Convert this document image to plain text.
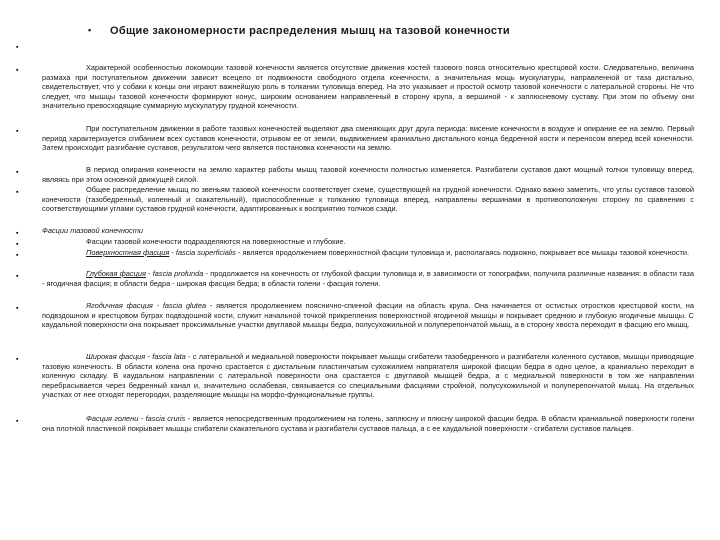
• Общие закономерности распределения мышц на тазовой конечности
▪
▪	Характерной особенностью локомоции тазовой конечности является отсутствие движения костей тазового пояса относительно крестцовой кости. Следовательно, величина размаха при поступательном движении зависит всецело от подвижности свободного отдела конечности, а значительная мощь мускулатуры, направленной от таза дистально, свидетельствует, что у собаки к концы они играют важнейшую роль в толкании туловища вперед. На это указывает и простой осмотр тазовой конечности с латеральной стороны. Не что следует, что мышцы тазовой конечности формируют конус, широким основанием направленный в сторону крупа, а вершиной - к заплюсневому суставу. При этом по объему они значительно превосходящие суммарную мускулатуру грудной конечности.

▪	При поступательном движении в работе тазовых конечностей выделяют два сменяющих друг друга периода: висение конечности в воздухе и опирание ее на землю. Первый период характеризуется сгибанием всех суставов конечности, отрывом ее от земли, выдвижением краниально дистального конца бедренной кости и переносом вперед всей конечности. Затем происходит разгибание суставов, результатом чего является постановка конечности на землю.

▪	В период опирания конечности на землю характер работы мышц тазовой конечности полностью изменяется. Разгибатели суставов дают мощный толчок туловищу вперед, являясь при этом основной движущей силой.

▪	Общее распределение мышц по звеньям тазовой конечности соответствует схеме, существующей на грудной конечности. Однако важно заметить, что углы суставов тазовой конечности (тазобедренный, коленный и скакательный), приспособленные к толканию туловища вперед, направлены вершинами в противоположную сторону по сравнению с соответствующими углами суставов грудной конечности, адаптированных к восприятию толчков сзади.

▪	Фасции тазовой конечности

▪	Фасции тазовой конечности подразделяются на поверхностные и глубокие.

▪	Поверхностная фасция - fascia superficialis - является продолжением поверхностной фасции туловища и, располагаясь подкожно, покрывает все мышцы тазовой конечности.

▪	Глубокая фасция - fascia profunda - продолжается на конечность от глубокой фасции туловища и, в зависимости от топографии, получила различные названия: в области таза - ягодичная фасция; в области бедра - широкая фасция бедра; в области голени - фасция голени.

▪	Ягодичная фасция - fascia glutea - является продолжением пояснично-спинной фасции на область крупа. Она начинается от остистых отростков крестцовой кости, на подвздошном и крестцовом буграх подвздошной кости, служит начальной точкой прикрепления поверхностной ягодичной мышцы и покрывает среднюю и глубокую ягодичные мышцы. С каудальной поверхности она покрывает проксимальные участки двуглавой мышцы бедра, полусухожильной и полуперепончатой мышц, а в сторону хвоста переходит в фасцию его мышц.

▪	Широкая фасция - fascia lata - с латеральной и медиальной поверхности покрывает мышцы сгибатели тазобедренного и разгибатели коленного суставов, мышцы приводящие тазовую конечность. В области колена она прочно срастается с дистальным пластинчатым сухожилием напрягателя широкой фасции бедра в одно целое, а краниально переходит в коленную складку. В каудальном направлении с латеральной поверхности она срастается с двуглавой мышцей бедра, а с медиальной поверхности в том же направлении перебрасывается через бедренный канал и, значительно ослабевая, связывается со специальными фасциями стройной, полусухожильной и полуперепончатой мышц. На отдельных участках от нее отходят перегородки, разделяющие мышцы на морфо-функциональные группы.

▪	Фасция голени - fascia cruris - является непосредственным продолжением на голень, заплюсну и плюсну широкой фасции бедра. В области краниальной поверхности голени она плотной пластинкой покрывает мышцы сгибатели скакательного сустава и разгибатели суставов пальца, а с ее каудальной поверхности - сгибатели суставов пальцев.
